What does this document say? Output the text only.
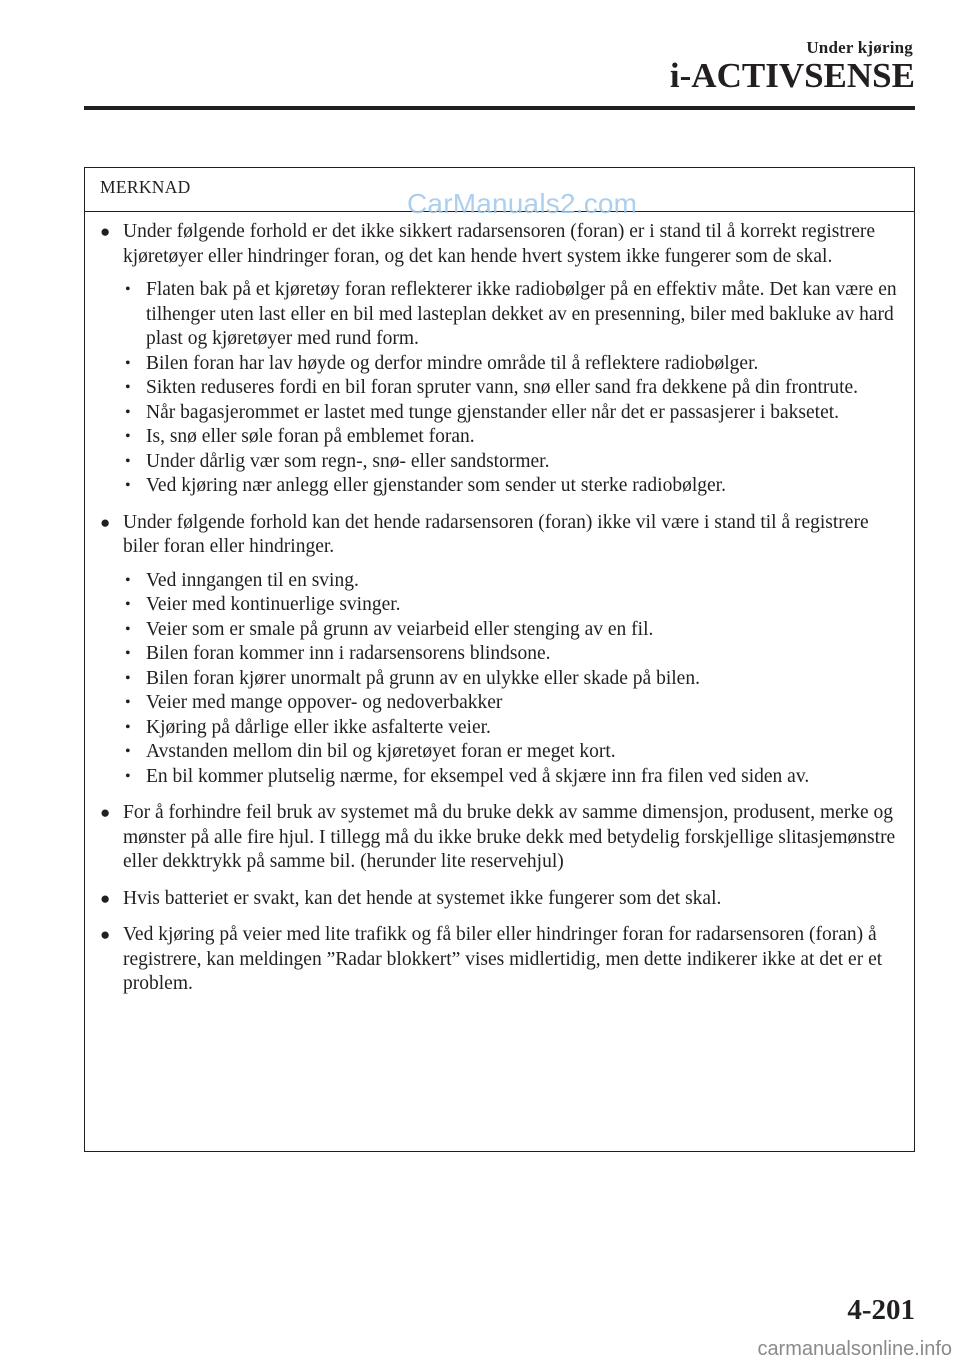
Under kjøring
i-ACTIVSENSE
MERKNAD
● Under følgende forhold er det ikke sikkert radarsensoren (foran) er i stand til å korrekt registrere kjøretøyer eller hindringer foran, og det kan hende hvert system ikke fungerer som de skal.
• Flaten bak på et kjøretøy foran reflekterer ikke radiobølger på en effektiv måte. Det kan være en tilhenger uten last eller en bil med lasteplan dekket av en presenning, biler med bakluke av hard plast og kjøretøyer med rund form.
• Bilen foran har lav høyde og derfor mindre område til å reflektere radiobølger.
• Sikten reduseres fordi en bil foran spruter vann, snø eller sand fra dekkene på din frontrute.
• Når bagasjerommet er lastet med tunge gjenstander eller når det er passasjerer i baksetet.
• Is, snø eller søle foran på emblemet foran.
• Under dårlig vær som regn-, snø- eller sandstormer.
• Ved kjøring nær anlegg eller gjenstander som sender ut sterke radiobølger.
● Under følgende forhold kan det hende radarsensoren (foran) ikke vil være i stand til å registrere biler foran eller hindringer.
• Ved inngangen til en sving.
• Veier med kontinuerlige svinger.
• Veier som er smale på grunn av veiarbeid eller stenging av en fil.
• Bilen foran kommer inn i radarsensorens blindsone.
• Bilen foran kjører unormalt på grunn av en ulykke eller skade på bilen.
• Veier med mange oppover- og nedoverbakker
• Kjøring på dårlige eller ikke asfalterte veier.
• Avstanden mellom din bil og kjøretøyet foran er meget kort.
• En bil kommer plutselig nærme, for eksempel ved å skjære inn fra filen ved siden av.
● For å forhindre feil bruk av systemet må du bruke dekk av samme dimensjon, produsent, merke og mønster på alle fire hjul. I tillegg må du ikke bruke dekk med betydelig forskjellige slitasjemønstre eller dekktrykk på samme bil. (herunder lite reservehjul)
● Hvis batteriet er svakt, kan det hende at systemet ikke fungerer som det skal.
● Ved kjøring på veier med lite trafikk og få biler eller hindringer foran for radarsensoren (foran) å registrere, kan meldingen ”Radar blokkert” vises midlertidig, men dette indikerer ikke at det er et problem.
CarManuals2.com
4-201
carmanualsonline.info
